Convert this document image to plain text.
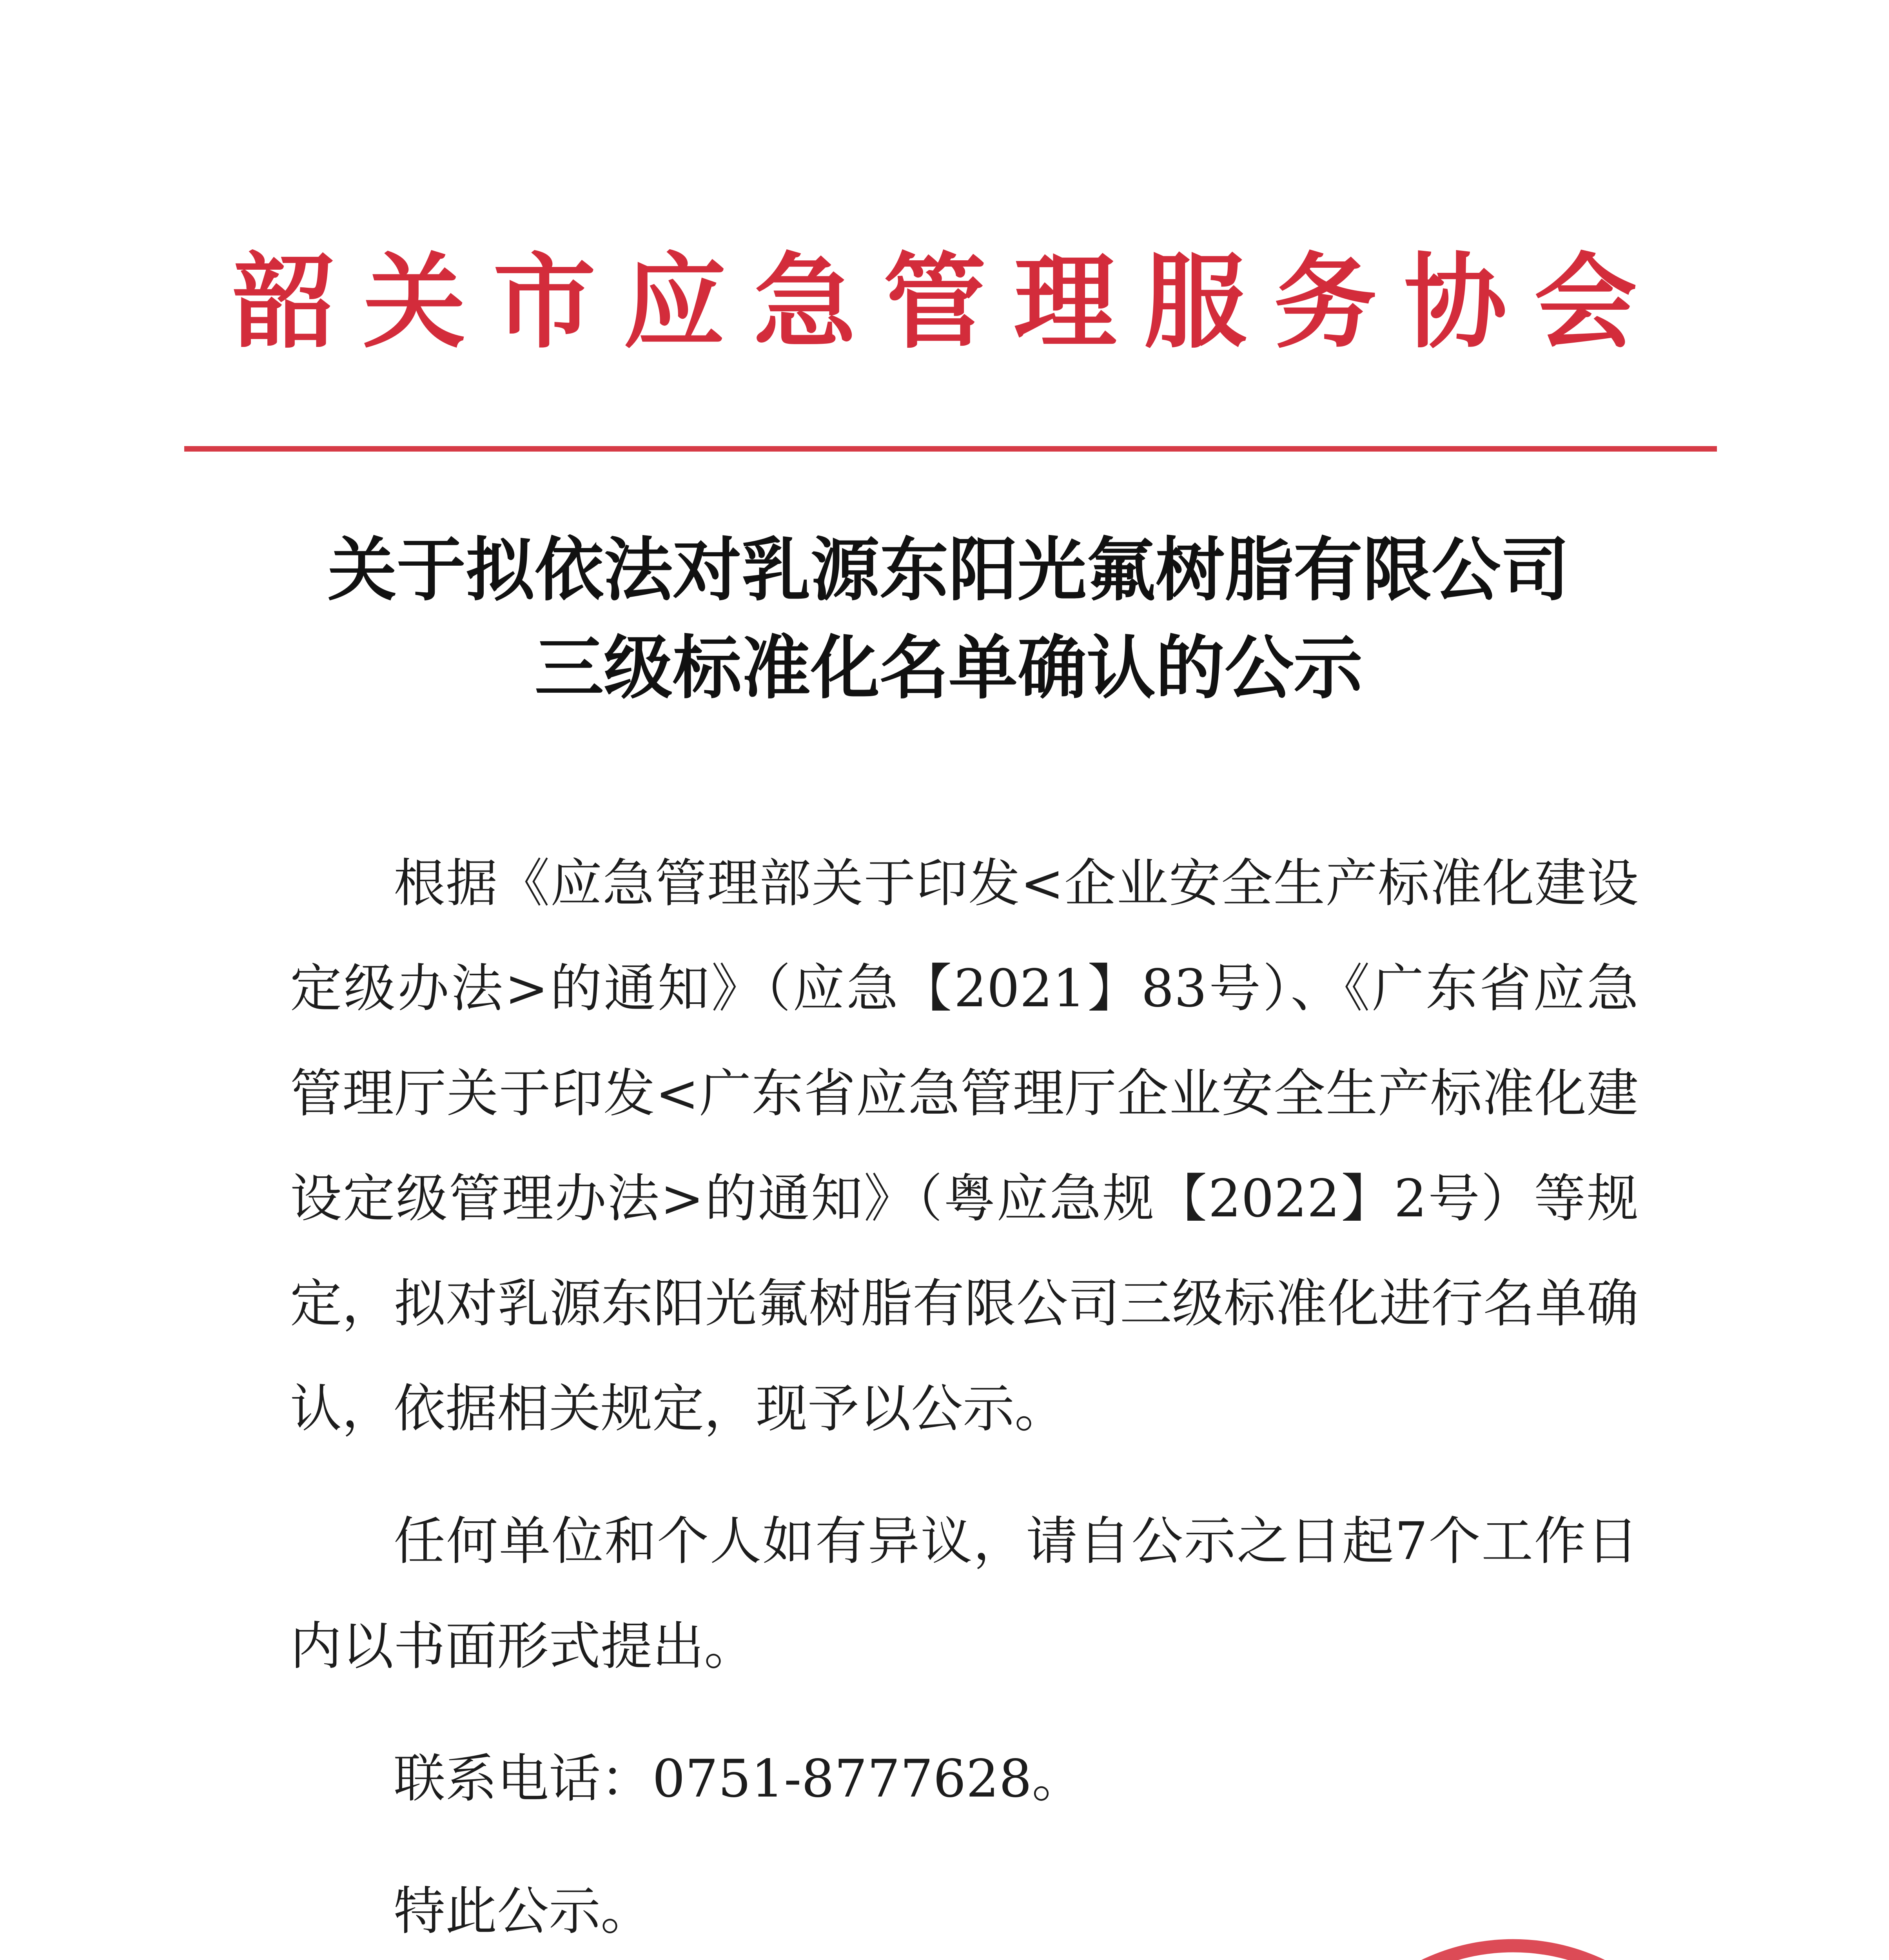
韶关市应急管理服务协会
关于拟依法对乳源东阳光氟树脂有限公司
三级标准化名单确认的公示

根据《应急管理部关于印发<企业安全生产标准化建设定级办法>的通知》（应急【2021】83号）、《广东省应急管理厅关于印发<广东省应急管理厅企业安全生产标准化建设定级管理办法>的通知》（粤应急规【2022】2号）等规定，拟对乳源东阳光氟树脂有限公司三级标准化进行名单确认，依据相关规定，现予以公示。

任何单位和个人如有异议，请自公示之日起7个工作日内以书面形式提出。

联系电话：0751-8777628。

特此公示。
